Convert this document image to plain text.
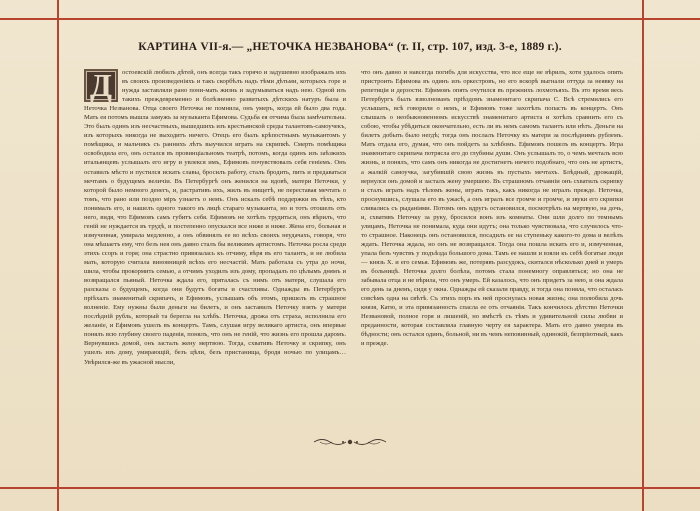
КАРТИНА VII-я.— „НЕТОЧКА НЕЗВАНОВА“ (т. II, стр. 107, изд. 3-е, 1889 г.).
Д	остоевскій любилъ дѣтей, онъ всегда такъ горячо и задушевно изображалъ ихъ въ своихъ произведеніяхъ и такъ скорбѣлъ надъ тѣми дѣтьми, которыхъ горе и нужда заставляли рано пони-мать жизнь и задумываться надъ нею. Одной изъ такихъ преждевременно и болѣзненно развитыхъ дѣтскихъ натуръ была и Неточка Незванова. Отца своего Неточка не помнила, онъ умеръ, когда ей было два года. Мать ея потомъ вышла замужъ за музыканта Ефимова. Судьба ея отчима была замѣчательна. Это былъ одинъ изъ несчастныхъ, вышедшихъ изъ крестьянской среды талантовъ-самоучекъ, изъ которыхъ никогда не выходитъ ничего. Отецъ его былъ крѣпостнымъ музыкантомъ у помѣщика, и мальчикъ съ раннихъ лѣтъ выучился играть на скрипкѣ. Смерть помѣщика освободила его, онъ остался въ провинціальномъ театрѣ, потомъ, когда одинъ изъ заѣзжихъ итальянцевъ услышалъ его игру и увлекся имъ, Ефимовъ почувствовалъ себя геніемъ. Онъ оставилъ мѣсто и пустился искать славы, бросилъ работу, сталъ бродить, пить и предаваться мечтамъ о будущемъ величіи. Въ Петербургѣ онъ женился на вдовѣ, матери Неточки, у которой было немного денегъ, и, растративъ ихъ, жилъ въ нищетѣ, не переставая мечтать о томъ, что рано или поздно міръ узнаетъ о немъ. Онъ искалъ себѣ поддержки въ тѣхъ, кто понималъ его, и нашелъ одного такого въ лицѣ стараго музыканта, но и тотъ отошелъ отъ него, видя, что Ефимовъ самъ губитъ себя. Ефимовъ не хотѣлъ трудиться, онъ вѣрилъ, что геній не нуждается въ трудѣ, и постепенно опускался все ниже и ниже. Жена его, больная и измученная, умирала медленно, а онъ обвинялъ ее во всѣхъ своихъ неудачахъ, говоря, что она мѣшаетъ ему, что безъ нея онъ давно сталъ бы великимъ артистомъ. Неточка росла среди этихъ ссоръ и горя; она страстно привязалась къ отчиму, вѣря въ его талантъ, и не любила мать, которую считала виновницей всѣхъ его несчастій. Мать работала съ утра до ночи, шила, чтобы прокормить семью, а отчимъ уходилъ изъ дому, пропадалъ по цѣлымъ днямъ и возвращался пьяный. Неточка ждала его, пряталась съ нимъ отъ матери, слушала его разсказы о будущемъ, когда они будутъ богаты и счастливы. Однажды въ Петербургъ пріѣхалъ знаменитый скрипачъ, и Ефимовъ, услышавъ объ этомъ, пришелъ въ страшное волненіе. Ему нужны были деньги на билетъ, и онъ заставилъ Неточку взять у матери послѣдній рубль, который та берегла на хлѣбъ. Неточка, дрожа отъ страха, исполнила его желаніе, и Ефимовъ ушелъ въ концертъ. Тамъ, слушая игру великаго артиста, онъ впервые понялъ всю глубину своего паденія, понялъ, что онъ не геній, что жизнь его прошла даромъ. Вернувшись домой, онъ засталъ жену мертвою. Тогда, схвативъ Неточку и скрипку, онъ ушелъ изъ дому, умирающій, безъ цѣли, безъ пристанища, бродя ночью по улицамъ… Увѣрился-же въ ужасной мысли,

что онъ давно и навсегда погибъ для искусства, что все еще не вѣрилъ, хотя удалось опять пристроить Ефимова въ одинъ изъ оркестровъ, но его вскорѣ выгнали оттуда за неявку на репетиціи и дерзости. Ефимовъ опять очутился въ прежнихъ лохмотьяхъ. Въ это время весь Петербургъ былъ взволнованъ пріѣздомъ знаменитаго скрипача С. Всѣ стремились его услышать, всѣ говорили о немъ, и Ефимовъ тоже захотѣлъ попасть въ концертъ. Онъ слышалъ о необыкновенномъ искусствѣ знаменитаго артиста и хотѣлъ сравнить его съ собою, чтобы убѣдиться окончательно, есть ли въ немъ самомъ талантъ или нѣтъ. Деньги на билетъ добыть было негдѣ; тогда онъ послалъ Неточку къ матери за послѣднимъ рублемъ. Мать отдала его, думая, что онъ пойдетъ за хлѣбомъ. Ефимовъ пошелъ въ концертъ. Игра знаменитаго скрипача потрясла его до глубины души. Онъ услышалъ то, о чемъ мечталъ всю жизнь, и понялъ, что самъ онъ никогда не достигнетъ ничего подобнаго, что онъ не артистъ, а жалкій самоучка, загубившій свою жизнь въ пустыхъ мечтахъ. Блѣдный, дрожащій, вернулся онъ домой и засталъ жену умершею. Въ страшномъ отчаяніи онъ схватилъ скрипку и сталъ играть надъ тѣломъ жены, играть такъ, какъ никогда не игралъ прежде. Неточка, проснувшись, слушала его въ ужасѣ, а онъ игралъ все громче и громче, и звуки его скрипки сливались съ рыданіями. Потомъ онъ вдругъ остановился, посмотрѣлъ на мертвую, на дочь, и, схвативъ Неточку за руку, бросился вонъ изъ комнаты. Они шли долго по темнымъ улицамъ, Неточка не понимала, куда они идутъ; она только чувствовала, что случилось что-то страшное. Наконецъ онъ остановился, посадилъ ее на ступеньку какого-то дома и велѣлъ ждать. Неточка ждала, но онъ не возвращался. Тогда она пошла искать его и, измученная, упала безъ чувствъ у подъѣзда большого дома. Тамъ ее нашли и взяли къ себѣ богатые люди — князь Х. и его семья. Ефимовъ же, потерявъ разсудокъ, скитался нѣсколько дней и умеръ въ больницѣ. Неточка долго болѣла, потомъ стала понемногу оправляться; но она не забывала отца и не вѣрила, что онъ умеръ. Ей казалось, что онъ придетъ за нею, и она ждала его день за днемъ, сидя у окна. Однажды ей сказали правду, и тогда она поняла, что осталась совсѣмъ одна на свѣтѣ. Съ этихъ поръ въ ней проснулась новая жизнь; она полюбила дочь князя, Катю, и эта привязанность спасла ее отъ отчаянія. Такъ кончилось дѣтство Неточки Незвановой, полное горя и лишеній, но вмѣстѣ съ тѣмъ и удивительной силы любви и преданности, которая составляла главную черту ея характера. Мать его давно умерла въ бѣдности; онъ остался одинъ, больной, ни въ чемъ неповинный, одинокій, безпріютный, какъ и прежде.
